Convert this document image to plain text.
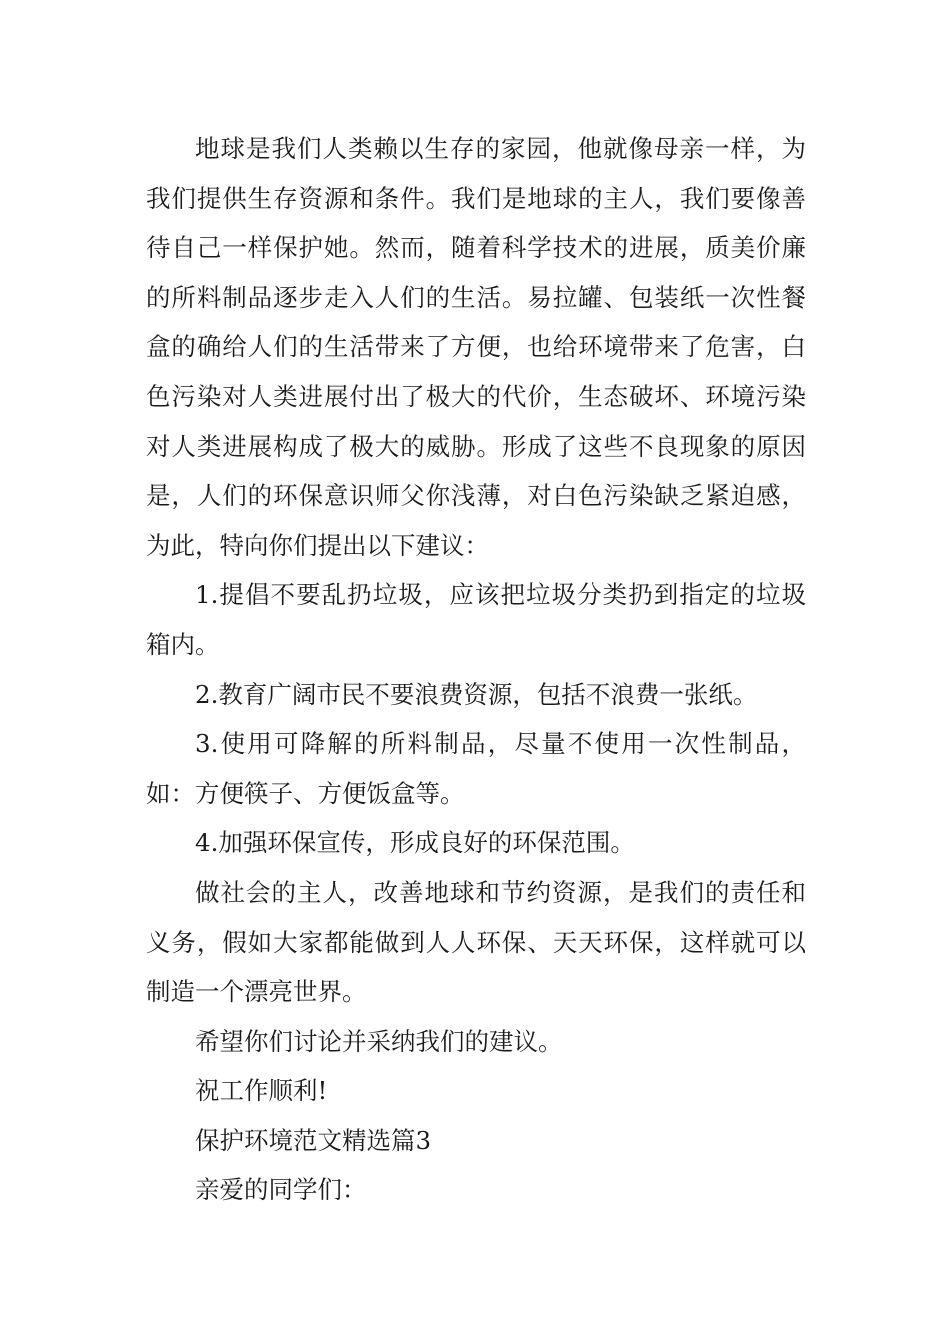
地球是我们人类赖以生存的家园，他就像母亲一样，为我们提供生存资源和条件。我们是地球的主人，我们要像善待自己一样保护她。然而，随着科学技术的进展，质美价廉的所料制品逐步走入人们的生活。易拉罐、包装纸一次性餐盒的确给人们的生活带来了方便，也给环境带来了危害，白色污染对人类进展付出了极大的代价，生态破坏、环境污染对人类进展构成了极大的威胁。形成了这些不良现象的原因是，人们的环保意识师父你浅薄，对白色污染缺乏紧迫感，为此，特向你们提出以下建议：

1.提倡不要乱扔垃圾，应该把垃圾分类扔到指定的垃圾箱内。

2.教育广阔市民不要浪费资源，包括不浪费一张纸。

3.使用可降解的所料制品，尽量不使用一次性制品，如：方便筷子、方便饭盒等。

4.加强环保宣传，形成良好的环保范围。

做社会的主人，改善地球和节约资源，是我们的责任和义务，假如大家都能做到人人环保、天天环保，这样就可以制造一个漂亮世界。

希望你们讨论并采纳我们的建议。

祝工作顺利!

保护环境范文精选篇3

亲爱的同学们：
